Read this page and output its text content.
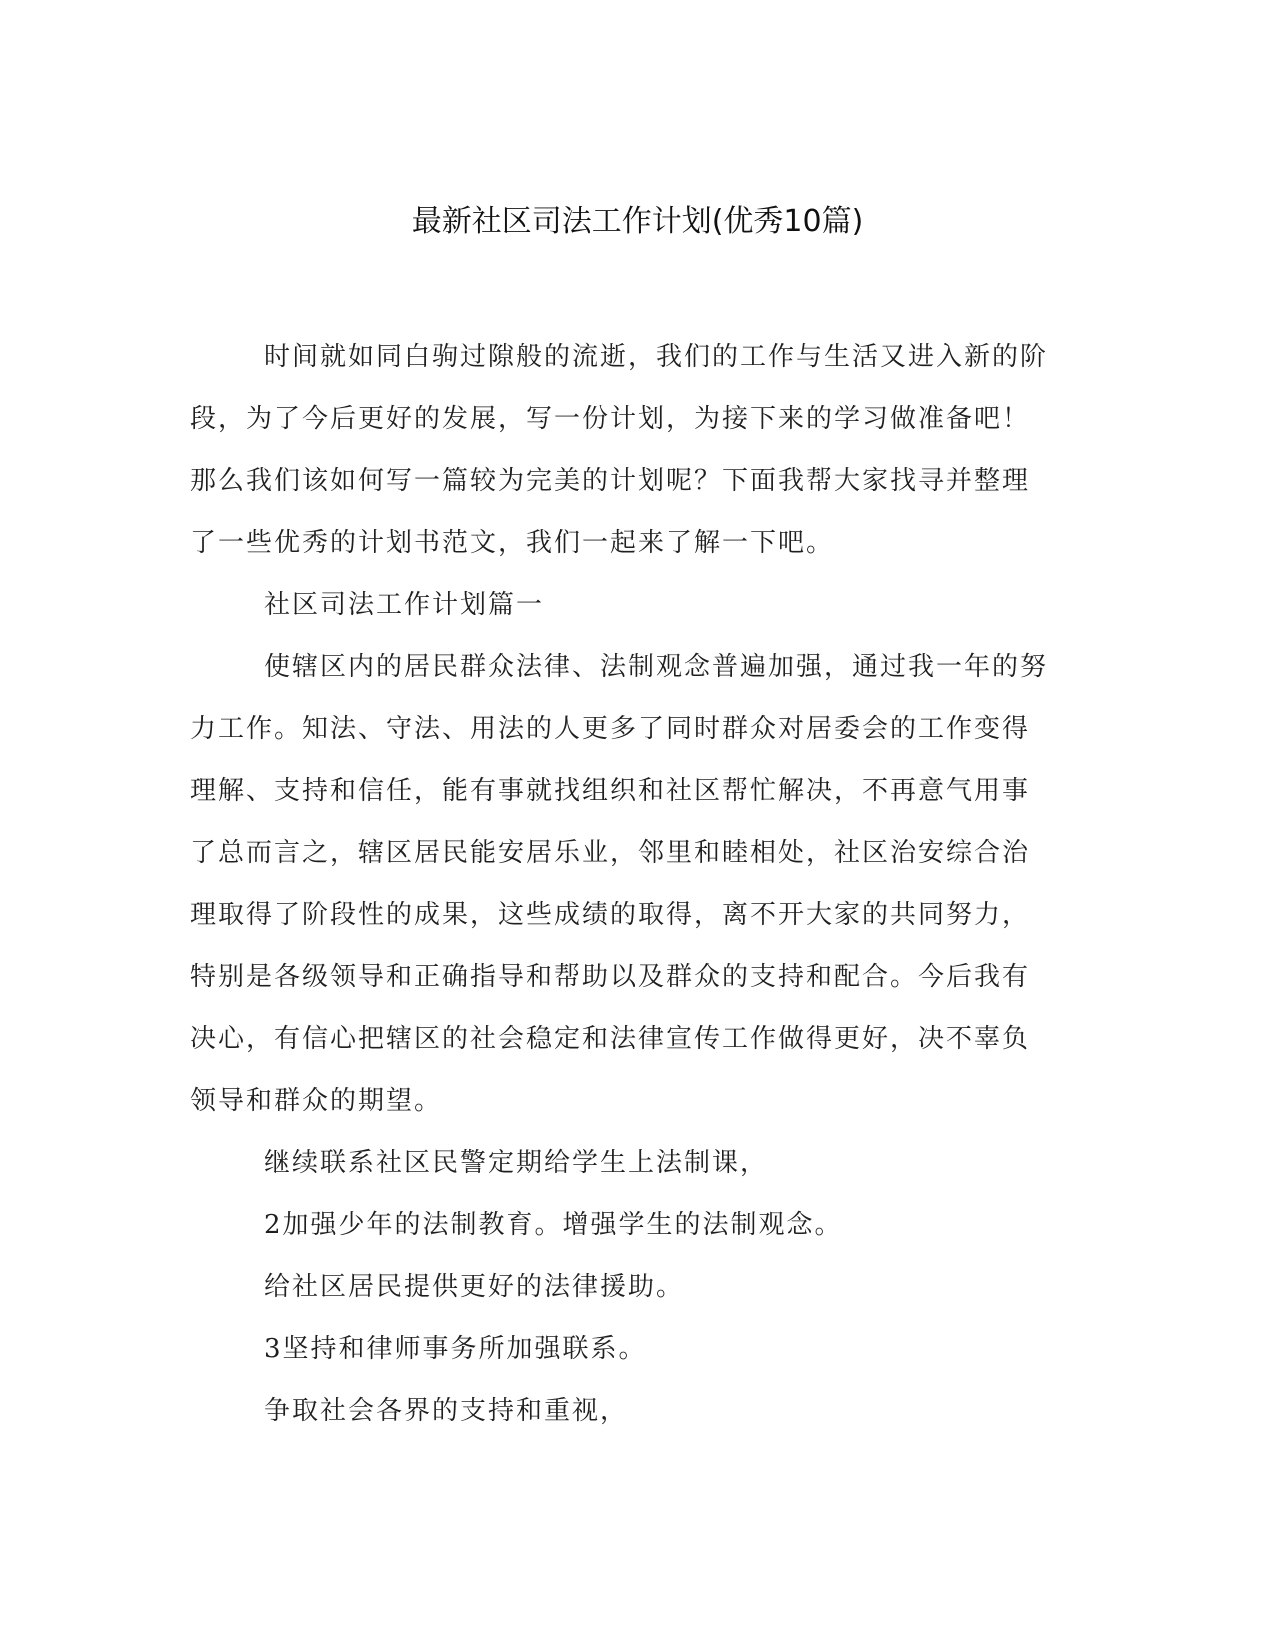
最新社区司法工作计划(优秀10篇)

时间就如同白驹过隙般的流逝，我们的工作与生活又进入新的阶

段，为了今后更好的发展，写一份计划，为接下来的学习做准备吧！

那么我们该如何写一篇较为完美的计划呢？下面我帮大家找寻并整理

了一些优秀的计划书范文，我们一起来了解一下吧。

社区司法工作计划篇一

使辖区内的居民群众法律、法制观念普遍加强，通过我一年的努

力工作。知法、守法、用法的人更多了同时群众对居委会的工作变得

理解、支持和信任，能有事就找组织和社区帮忙解决，不再意气用事

了总而言之，辖区居民能安居乐业，邻里和睦相处，社区治安综合治

理取得了阶段性的成果，这些成绩的取得，离不开大家的共同努力，

特别是各级领导和正确指导和帮助以及群众的支持和配合。今后我有

决心，有信心把辖区的社会稳定和法律宣传工作做得更好，决不辜负

领导和群众的期望。

继续联系社区民警定期给学生上法制课，

2加强少年的法制教育。增强学生的法制观念。

给社区居民提供更好的法律援助。

3坚持和律师事务所加强联系。

争取社会各界的支持和重视，
